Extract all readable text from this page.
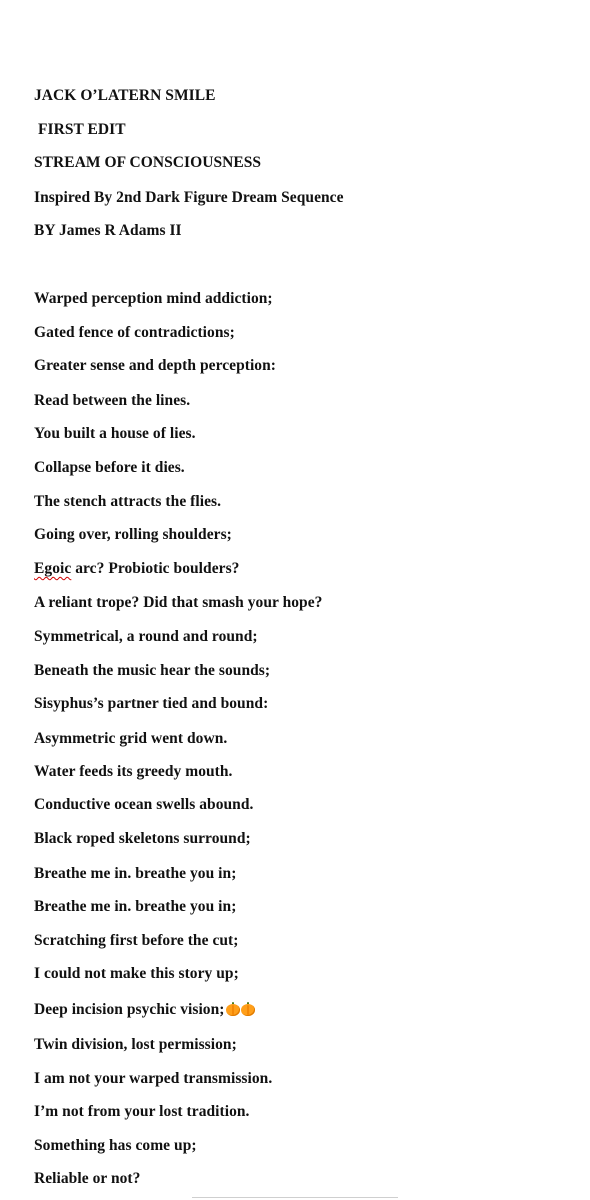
JACK O’LATERN SMILE
FIRST EDIT
STREAM OF CONSCIOUSNESS
Inspired By 2nd Dark Figure Dream Sequence
BY James R Adams II
Warped perception mind addiction;
Gated fence of contradictions;
Greater sense and depth perception:
Read between the lines.
You built a house of lies.
Collapse before it dies.
The stench attracts the flies.
Going over, rolling shoulders;
Egoic arc? Probiotic boulders?
A reliant trope? Did that smash your hope?
Symmetrical, a round and round;
Beneath the music hear the sounds;
Sisyphus’s partner tied and bound:
Asymmetric grid went down.
Water feeds its greedy mouth.
Conductive ocean swells abound.
Black roped skeletons surround;
Breathe me in. breathe you in;
Breathe me in. breathe you in;
Scratching first before the cut;
I could not make this story up;
Deep incision psychic vision;
Twin division, lost permission;
I am not your warped transmission.
I’m not from your lost tradition.
Something has come up;
Reliable or not?
